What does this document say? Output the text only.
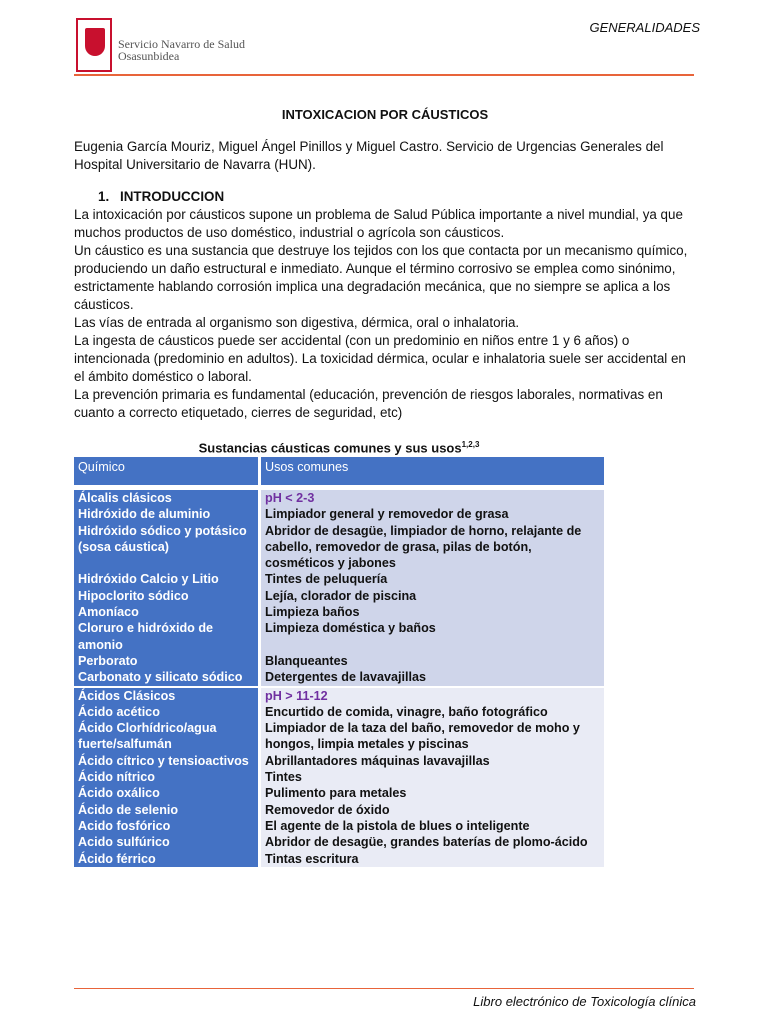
Servicio Navarro de Salud
Osasunbidea
GENERALIDADES

INTOXICACION POR CÁUSTICOS

Eugenia García Mouriz, Miguel Ángel Pinillos y Miguel Castro. Servicio de Urgencias Generales del Hospital Universitario de Navarra (HUN).

1. INTRODUCCION

La intoxicación por cáusticos supone un problema de Salud Pública importante a nivel mundial, ya que muchos productos de uso doméstico, industrial o agrícola son cáusticos.

Un cáustico es una sustancia que destruye los tejidos con los que contacta por un mecanismo químico, produciendo un daño estructural e inmediato. Aunque el término corrosivo se emplea como sinónimo, estrictamente hablando corrosión implica una degradación mecánica, que no siempre se aplica a los cáusticos.

Las vías de entrada al organismo son digestiva, dérmica, oral o inhalatoria.

La ingesta de cáusticos puede ser accidental (con un predominio en niños entre 1 y 6 años) o intencionada (predominio en adultos). La toxicidad dérmica, ocular e inhalatoria suele ser accidental en el ámbito doméstico o laboral.

La prevención primaria es fundamental (educación, prevención de riesgos laborales, normativas en cuanto a correcto etiquetado, cierres de seguridad, etc)

Sustancias cáusticas comunes y sus usos$^{1,2,3}$
Químico	Usos comunes

Álcalis clásicos	pH < 2-3
Hidróxido de aluminio	Limpiador general y removedor de grasa
Hidróxido sódico y potásico (sosa cáustica)	Abridor de desagüe, limpiador de horno, relajante de cabello, removedor de grasa, pilas de botón, cosméticos y jabones
Hidróxido Calcio y Litio	Tintes de peluquería
Hipoclorito sódico	Lejía, clorador de piscina
Amoníaco	Limpieza baños
Cloruro e hidróxido de amonio	Limpieza doméstica y baños
Perborato	Blanqueantes
Carbonato y silicato sódico	Detergentes de lavavajillas

Ácidos Clásicos	pH > 11-12
Ácido acético	Encurtido de comida, vinagre, baño fotográfico
Ácido Clorhídrico/agua fuerte/salfumán	Limpiador de la taza del baño, removedor de moho y hongos, limpia metales y piscinas
Ácido cítrico y tensioactivos	Abrillantadores máquinas lavavajillas
Ácido nítrico	Tintes
Ácido oxálico	Pulimento para metales
Ácido de selenio	Removedor de óxido
Acido fosfórico	El agente de la pistola de blues o inteligente
Acido sulfúrico	Abridor de desagüe, grandes baterías de plomo-ácido
Ácido férrico	Tintas escritura
Libro electrónico de Toxicología clínica
